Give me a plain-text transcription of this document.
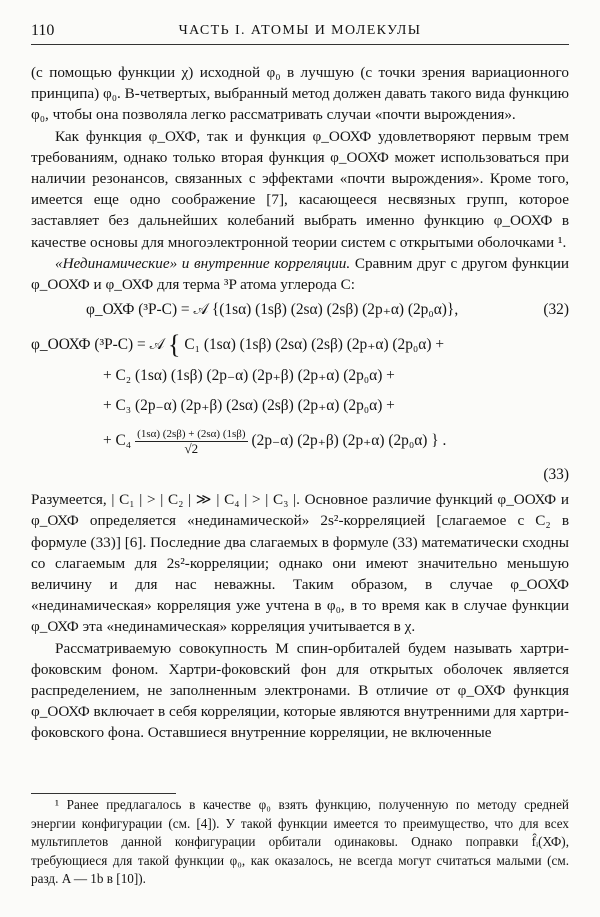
110	ЧАСТЬ I. АТОМЫ И МОЛЕКУЛЫ

(с помощью функции χ) исходной φ₀ в лучшую (с точки зрения вариационного принципа) φ₀. В-четвертых, выбранный метод должен давать такого вида функцию φ₀, чтобы она позволяла легко рассматривать случаи «почти вырождения».

Как функция φ_ОХФ, так и функция φ_ООХФ удовлетворяют первым трем требованиям, однако только вторая функция φ_ООХФ может использоваться при наличии резонансов, связанных с эффектами «почти вырождения». Кроме того, имеется еще одно соображение [7], касающееся несвязных групп, которое заставляет без дальнейших колебаний выбрать именно функцию φ_ООХФ в качестве основы для многоэлектронной теории систем с открытыми оболочками ¹.

«Нединамические» и внутренние корреляции. Сравним друг с другом функции φ_ООХФ и φ_ОХФ для терма ³P атома углерода C:

φ_ОХФ (³P-C) = 𝒜 {(1sα) (1sβ) (2sα) (2sβ) (2p₊α) (2p₀α)},	(32)
φ_ООХФ (³P-C) = 𝒜 { C₁ (1sα) (1sβ) (2sα) (2sβ) (2p₊α) (2p₀α) +
+ C₂ (1sα) (1sβ) (2p₋α) (2p₊β) (2p₊α) (2p₀α) +
+ C₃ (2p₋α) (2p₊β) (2sα) (2sβ) (2p₊α) (2p₀α) +
+ $C_4 \frac{(1s\alpha) (2s\beta) + (2s\alpha) (1s\beta)}{√2} (2p_-\alpha)$ (2p₊β) (2p₊α) (2p₀α) } .
(33)

Разумеется, | C₁ | > | C₂ | ≫ | C₄ | > | C₃ |. Основное различие функций φ_ООХФ и φ_ОХФ определяется «нединамической» 2s²-корреляцией [слагаемое с C₂ в формуле (33)] [6]. Последние два слагаемых в формуле (33) математически сходны со слагаемым для 2s²-корреляции; однако они имеют значительно меньшую величину и для нас неважны. Таким образом, в случае φ_ООХФ «нединамическая» корреляция уже учтена в φ₀, в то время как в случае функции φ_ОХФ эта «нединамическая» корреляция учитывается в χ.

Рассматриваемую совокупность M спин-орбиталей будем называть хартри-фоковским фоном. Хартри-фоковский фон для открытых оболочек является распределением, не заполненным электронами. В отличие от φ_ОХФ функция φ_ООХФ включает в себя корреляции, которые являются внутренними для хартри-фоковского фона. Оставшиеся внутренние корреляции, не включенные

¹ Ранее предлагалось в качестве φ₀ взять функцию, полученную по методу средней энергии конфигурации (см. [4]). У такой функции имеется то преимущество, что для всех мультиплетов данной конфигурации орбитали одинаковы. Однако поправки f̂ᵢ(ХФ), требующиеся для такой функции φ₀, как оказалось, не всегда могут считаться малыми (см. разд. A — 1b в [10]).
